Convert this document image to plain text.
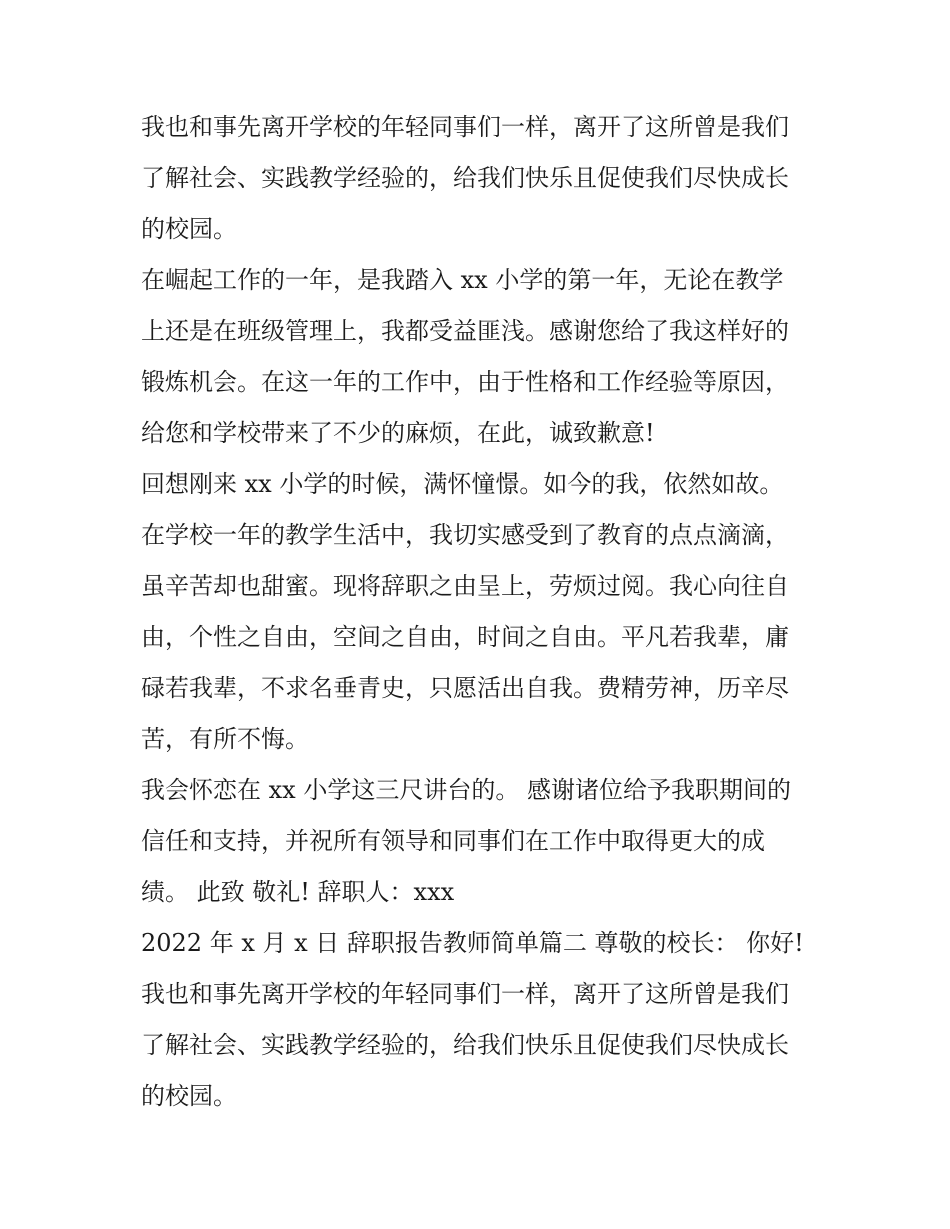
我也和事先离开学校的年轻同事们一样，离开了这所曾是我们
了解社会、实践教学经验的，给我们快乐且促使我们尽快成长
的校园。
在崛起工作的一年，是我踏入 xx 小学的第一年，无论在教学
上还是在班级管理上，我都受益匪浅。感谢您给了我这样好的
锻炼机会。在这一年的工作中，由于性格和工作经验等原因，
给您和学校带来了不少的麻烦，在此，诚致歉意!
回想刚来 xx 小学的时候，满怀憧憬。如今的我，依然如故。
在学校一年的教学生活中，我切实感受到了教育的点点滴滴，
虽辛苦却也甜蜜。现将辞职之由呈上，劳烦过阅。我心向往自
由，个性之自由，空间之自由，时间之自由。平凡若我辈，庸
碌若我辈，不求名垂青史，只愿活出自我。费精劳神，历辛尽
苦，有所不悔。
我会怀恋在 xx 小学这三尺讲台的。 感谢诸位给予我职期间的
信任和支持，并祝所有领导和同事们在工作中取得更大的成
绩。 此致 敬礼! 辞职人：xxx
2022 年 x 月 x 日 辞职报告教师简单篇二 尊敬的校长： 你好!
我也和事先离开学校的年轻同事们一样，离开了这所曾是我们
了解社会、实践教学经验的，给我们快乐且促使我们尽快成长
的校园。
